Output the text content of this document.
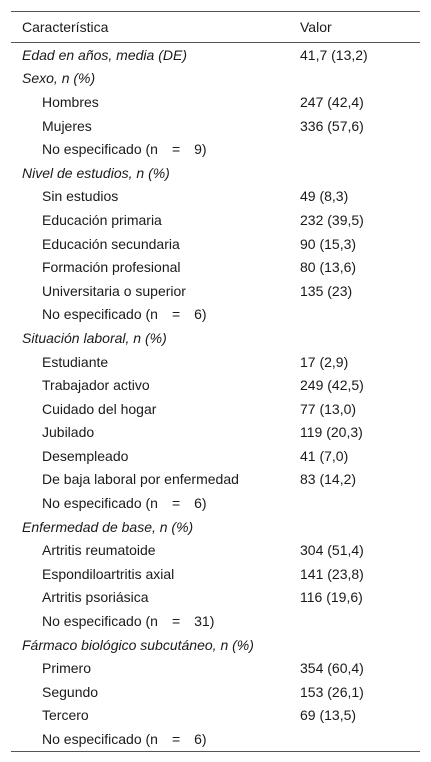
Característica	Valor
Edad en años, media (DE)	41,7 (13,2)
Sexo, n (%)
Hombres	247 (42,4)
Mujeres	336 (57,6)
No especificado (n  =  9)
Nivel de estudios, n (%)
Sin estudios	49 (8,3)
Educación primaria	232 (39,5)
Educación secundaria	90 (15,3)
Formación profesional	80 (13,6)
Universitaria o superior	135 (23)
No especificado (n  =  6)
Situación laboral, n (%)
Estudiante	17 (2,9)
Trabajador activo	249 (42,5)
Cuidado del hogar	77 (13,0)
Jubilado	119 (20,3)
Desempleado	41 (7,0)
De baja laboral por enfermedad	83 (14,2)
No especificado (n  =  6)
Enfermedad de base, n (%)
Artritis reumatoide	304 (51,4)
Espondiloartritis axial	141 (23,8)
Artritis psoriásica	116 (19,6)
No especificado (n  =  31)
Fármaco biológico subcutáneo, n (%)
Primero	354 (60,4)
Segundo	153 (26,1)
Tercero	69 (13,5)
No especificado (n  =  6)
